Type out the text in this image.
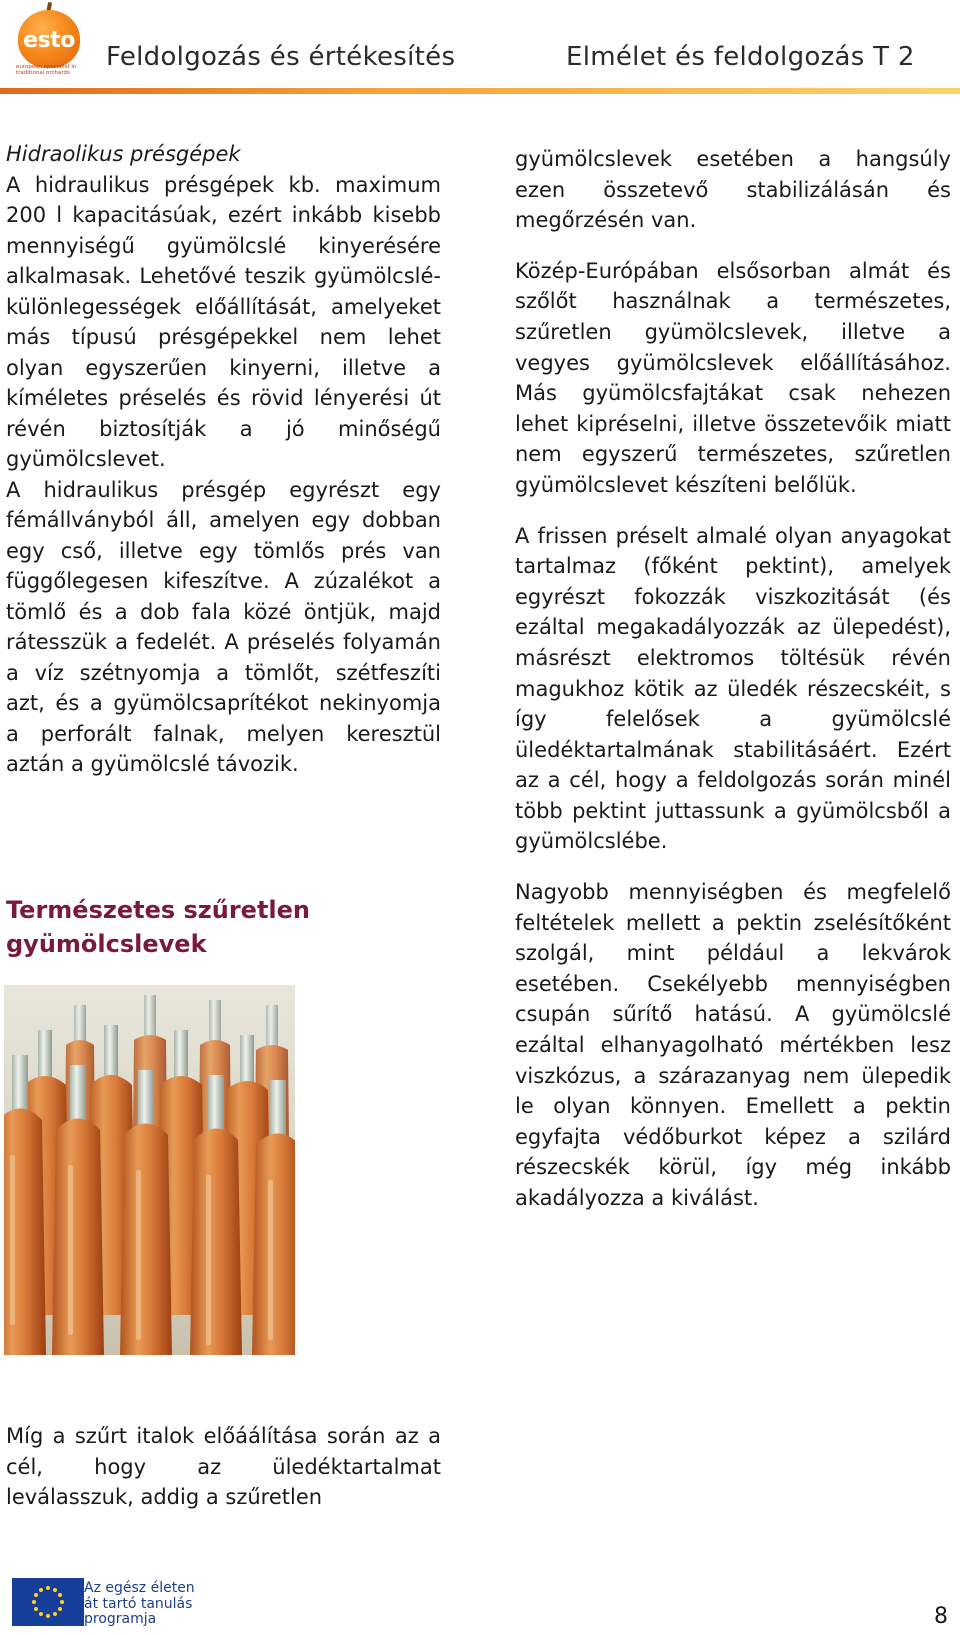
esto
european specialist in traditional orchards
Feldolgozás és értékesítés	Elmélet és feldolgozás T 2
Hidraolikus présgépek

A hidraulikus présgépek kb. maximum 200 l kapacitásúak, ezért inkább kisebb mennyiségű gyümölcslé kinyerésére alkalmasak. Lehetővé teszik gyümölcslé-különlegességek előállítását, amelyeket más típusú présgépekkel nem lehet olyan egyszerűen kinyerni, illetve a kíméletes préselés és rövid lényerési út révén biztosítják a jó minőségű gyümölcslevet.

A hidraulikus présgép egyrészt egy fémállványból áll, amelyen egy dobban egy cső, illetve egy tömlős prés van függőlegesen kifeszítve. A zúzalékot a tömlő és a dob fala közé öntjük, majd rátesszük a fedelét. A préselés folyamán a víz szétnyomja a tömlőt, szétfeszíti azt, és a gyümölcsaprítékot nekinyomja a perforált falnak, melyen keresztül aztán a gyümölcslé távozik.

Természetes szűretlen gyümölcslevek

Míg a szűrt italok előáálítása során az a cél, hogy az üledéktartalmat leválasszuk, addig a szűretlen

gyümölcslevek esetében a hangsúly ezen összetevő stabilizálásán és megőrzésén van.

Közép-Európában elsősorban almát és szőlőt használnak a természetes, szűretlen gyümölcslevek, illetve a vegyes gyümölcslevek előállításához. Más gyümölcsfajtákat csak nehezen lehet kipréselni, illetve összetevőik miatt nem egyszerű természetes, szűretlen gyümölcslevet készíteni belőlük.

A frissen préselt almalé olyan anyagokat tartalmaz (főként pektint), amelyek egyrészt fokozzák viszkozitását (és ezáltal megakadályozzák az ülepedést), másrészt elektromos töltésük révén magukhoz kötik az üledék részecskéit, s így felelősek a gyümölcslé üledéktartalmának stabilitásáért. Ezért az a cél, hogy a feldolgozás során minél több pektint juttassunk a gyümölcsből a gyümölcslébe.

Nagyobb mennyiségben és megfelelő feltételek mellett a pektin zselésítőként szolgál, mint például a lekvárok esetében. Csekélyebb mennyiségben csupán sűrítő hatású. A gyümölcslé ezáltal elhanyagolható mértékben lesz viszkózus, a szárazanyag nem ülepedik le olyan könnyen. Emellett a pektin egyfajta védőburkot képez a szilárd részecskék körül, így még inkább akadályozza a kiválást.

Az egész életen
át tartó tanulás
programja	8
